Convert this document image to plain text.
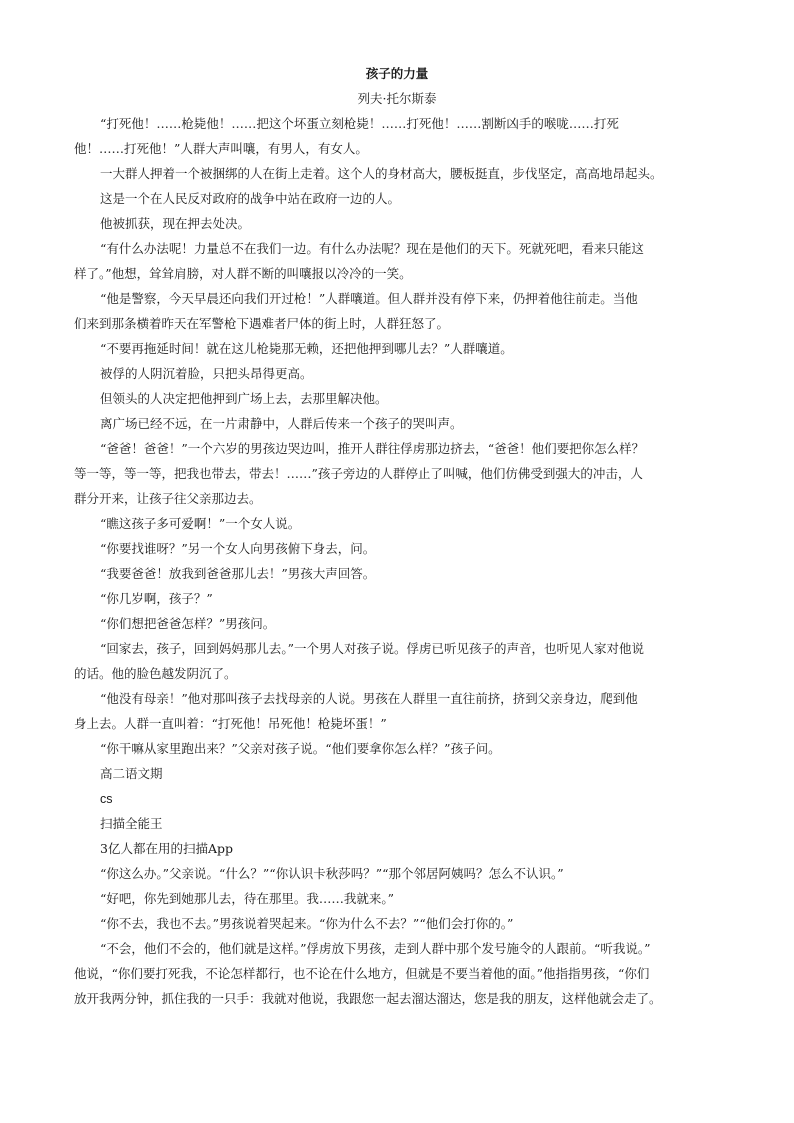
孩子的力量

列夫·托尔斯泰

“打死他！……枪毙他！……把这个坏蛋立刻枪毙！……打死他！……割断凶手的喉咙……打死

他！……打死他！”人群大声叫嚷，有男人，有女人。

一大群人押着一个被捆绑的人在街上走着。这个人的身材高大，腰板挺直，步伐坚定，高高地昂起头。

这是一个在人民反对政府的战争中站在政府一边的人。

他被抓获，现在押去处决。

“有什么办法呢！力量总不在我们一边。有什么办法呢？现在是他们的天下。死就死吧，看来只能这

样了。”他想，耸耸肩膀，对人群不断的叫嚷报以冷冷的一笑。

“他是警察，今天早晨还向我们开过枪！”人群嚷道。但人群并没有停下来，仍押着他往前走。当他

们来到那条横着昨天在军警枪下遇难者尸体的街上时，人群狂怒了。

“不要再拖延时间！就在这儿枪毙那无赖，还把他押到哪儿去？”人群嚷道。

被俘的人阴沉着脸，只把头昂得更高。

但领头的人决定把他押到广场上去，去那里解决他。

离广场已经不远，在一片肃静中，人群后传来一个孩子的哭叫声。

“爸爸！爸爸！”一个六岁的男孩边哭边叫，推开人群往俘虏那边挤去，“爸爸！他们要把你怎么样？

等一等，等一等，把我也带去，带去！……”孩子旁边的人群停止了叫喊，他们仿佛受到强大的冲击，人

群分开来，让孩子往父亲那边去。

“瞧这孩子多可爱啊！”一个女人说。

“你要找谁呀？”另一个女人向男孩俯下身去，问。

“我要爸爸！放我到爸爸那儿去！”男孩大声回答。

“你几岁啊，孩子？”

“你们想把爸爸怎样？”男孩问。

“回家去，孩子，回到妈妈那儿去。”一个男人对孩子说。俘虏已听见孩子的声音，也听见人家对他说

的话。他的脸色越发阴沉了。

“他没有母亲！”他对那叫孩子去找母亲的人说。男孩在人群里一直往前挤，挤到父亲身边，爬到他

身上去。人群一直叫着：“打死他！吊死他！枪毙坏蛋！”

“你干嘛从家里跑出来？”父亲对孩子说。“他们要拿你怎么样？”孩子问。

高二语文期

cs

扫描全能王

3亿人都在用的扫描App

“你这么办。”父亲说。“什么？”“你认识卡秋莎吗？”“那个邻居阿姨吗？怎么不认识。”

“好吧，你先到她那儿去，待在那里。我……我就来。”

“你不去，我也不去。”男孩说着哭起来。“你为什么不去？”“他们会打你的。”

“不会，他们不会的，他们就是这样。”俘虏放下男孩，走到人群中那个发号施令的人跟前。“听我说。”

他说，“你们要打死我，不论怎样都行，也不论在什么地方，但就是不要当着他的面。”他指指男孩，“你们

放开我两分钟，抓住我的一只手：我就对他说，我跟您一起去溜达溜达，您是我的朋友，这样他就会走了。
